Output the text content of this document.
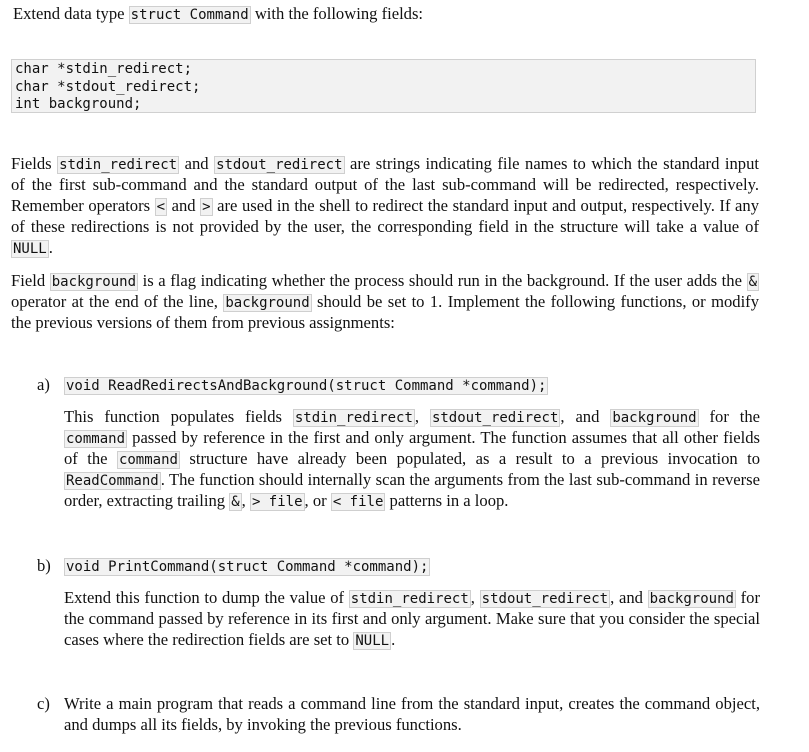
Extend data type struct Command with the following fields:

char *stdin_redirect;
char *stdout_redirect;
int background;

Fields stdin_redirect and stdout_redirect are strings indicating file names to which the standard input of the first sub-command and the standard output of the last sub-command will be redirected, respectively. Remember operators < and > are used in the shell to redirect the standard input and output, respectively. If any of these redirections is not provided by the user, the corresponding field in the structure will take a value of NULL .

Field background is a flag indicating whether the process should run in the background. If the user adds the & operator at the end of the line, background should be set to 1. Implement the following functions, or modify the previous versions of them from previous assignments:

a) void ReadRedirectsAndBackground(struct Command *command);

This function populates fields stdin_redirect , stdout_redirect , and background for the command passed by reference in the first and only argument. The function assumes that all other fields of the command structure have already been populated, as a result to a previous invocation to ReadCommand . The function should internally scan the arguments from the last sub-command in reverse order, extracting trailing & , > file , or < file patterns in a loop.

b) void PrintCommand(struct Command *command);

Extend this function to dump the value of stdin_redirect , stdout_redirect , and background for the command passed by reference in its first and only argument. Make sure that you consider the special cases where the redirection fields are set to NULL .

c) Write a main program that reads a command line from the standard input, creates the command object, and dumps all its fields, by invoking the previous functions.
